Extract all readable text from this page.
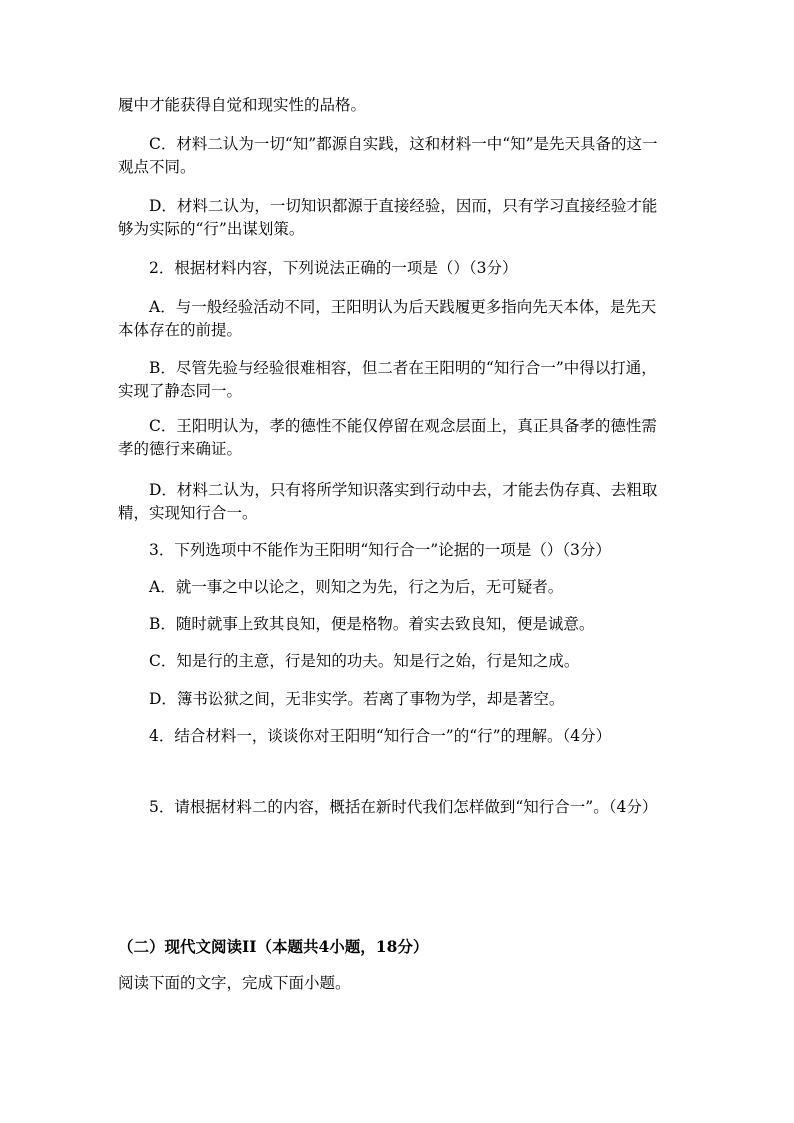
履中才能获得自觉和现实性的品格。
C．材料二认为一切“知”都源自实践，这和材料一中“知”是先天具备的这一
观点不同。
D．材料二认为，一切知识都源于直接经验，因而，只有学习直接经验才能
够为实际的“行”出谋划策。
2．根据材料内容，下列说法正确的一项是（）（3分）
A．与一般经验活动不同，王阳明认为后天践履更多指向先天本体，是先天
本体存在的前提。
B．尽管先验与经验很难相容，但二者在王阳明的“知行合一”中得以打通，
实现了静态同一。
C．王阳明认为，孝的德性不能仅停留在观念层面上，真正具备孝的德性需
孝的德行来确证。
D．材料二认为，只有将所学知识落实到行动中去，才能去伪存真、去粗取
精，实现知行合一。
3．下列选项中不能作为王阳明“知行合一”论据的一项是（）（3分）
A．就一事之中以论之，则知之为先，行之为后，无可疑者。
B．随时就事上致其良知，便是格物。着实去致良知，便是诚意。
C．知是行的主意，行是知的功夫。知是行之始，行是知之成。
D．簿书讼狱之间，无非实学。若离了事物为学，却是著空。
4．结合材料一，谈谈你对王阳明“知行合一”的“行”的理解。（4分）
5．请根据材料二的内容，概括在新时代我们怎样做到“知行合一”。（4分）
（二）现代文阅读II（本题共4小题，18分）
阅读下面的文字，完成下面小题。
